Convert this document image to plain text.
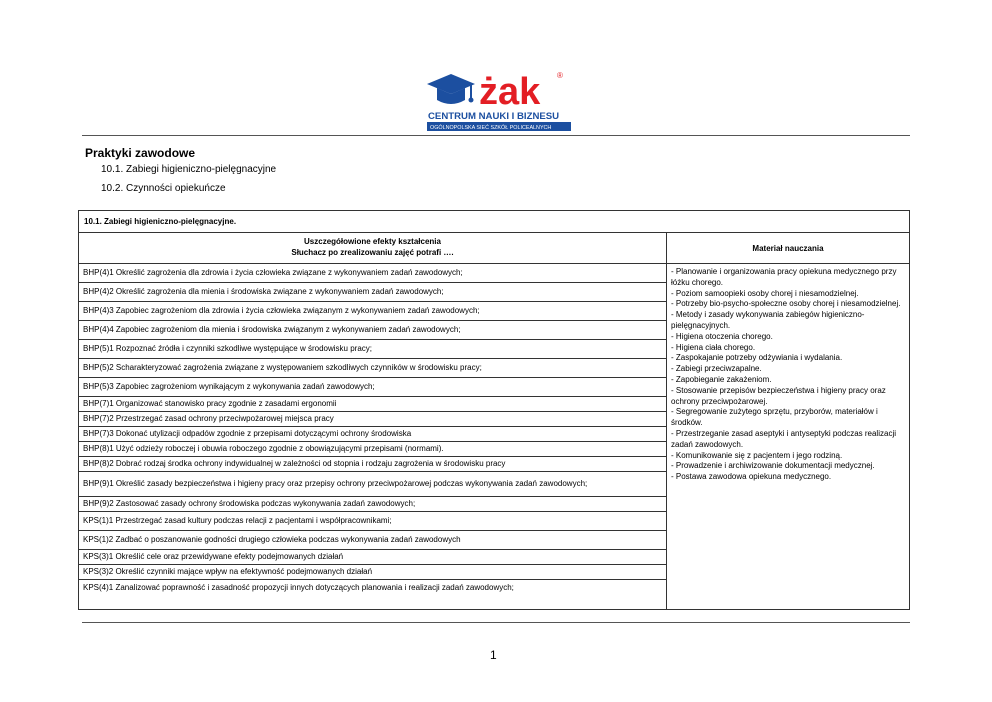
żak ®
CENTRUM NAUKI I BIZNESU
OGÓLNOPOLSKA SIEĆ SZKÓŁ POLICEALNYCH
Praktyki zawodowe
10.1. Zabiegi higieniczno-pielęgnacyjne
10.2. Czynności opiekuńcze
10.1. Zabiegi higieniczno-pielęgnacyjne.
Uszczegółowione efekty kształcenia
Słuchacz po zrealizowaniu zajęć potrafi ….
BHP(4)1 Określić zagrożenia dla zdrowia i życia człowieka związane z wykonywaniem zadań zawodowych;
BHP(4)2 Określić zagrożenia dla mienia i środowiska związane z wykonywaniem zadań zawodowych;
BHP(4)3 Zapobiec zagrożeniom dla zdrowia i życia człowieka związanym z wykonywaniem zadań zawodowych;
BHP(4)4 Zapobiec zagrożeniom dla mienia i środowiska związanym z wykonywaniem zadań zawodowych;
BHP(5)1 Rozpoznać źródła i czynniki szkodliwe występujące w środowisku pracy;
BHP(5)2 Scharakteryzować zagrożenia związane z występowaniem szkodliwych czynników w środowisku pracy;
BHP(5)3 Zapobiec zagrożeniom wynikającym z wykonywania zadań zawodowych;
BHP(7)1 Organizować stanowisko pracy zgodnie z zasadami ergonomii
BHP(7)2 Przestrzegać zasad ochrony przeciwpożarowej miejsca pracy
BHP(7)3 Dokonać utylizacji odpadów zgodnie z przepisami dotyczącymi ochrony środowiska
BHP(8)1 Użyć odzieży roboczej i obuwia roboczego zgodnie z obowiązującymi przepisami (normami).
BHP(8)2 Dobrać rodzaj środka ochrony indywidualnej w zależności od stopnia i rodzaju zagrożenia w środowisku pracy
BHP(9)1 Określić zasady bezpieczeństwa i higieny pracy oraz przepisy ochrony przeciwpożarowej podczas wykonywania zadań zawodowych;
BHP(9)2 Zastosować zasady ochrony środowiska podczas wykonywania zadań zawodowych;
KPS(1)1 Przestrzegać zasad kultury podczas relacji z pacjentami i współpracownikami;
KPS(1)2 Zadbać o poszanowanie godności drugiego człowieka podczas wykonywania zadań zawodowych
KPS(3)1 Określić cele oraz przewidywane efekty podejmowanych działań
KPS(3)2 Określić czynniki mające wpływ na efektywność podejmowanych działań
KPS(4)1 Zanalizować poprawność i zasadność propozycji innych dotyczących planowania i realizacji zadań zawodowych;
Materiał nauczania
- Planowanie i organizowania pracy opiekuna medycznego przy łóżku chorego.
- Poziom samoopieki osoby chorej i niesamodzielnej.
- Potrzeby bio-psycho-społeczne osoby chorej i niesamodzielnej.
- Metody i zasady wykonywania zabiegów higieniczno-pielęgnacyjnych.
- Higiena otoczenia chorego.
- Higiena ciała chorego.
- Zaspokajanie potrzeby odżywiania i wydalania.
- Zabiegi przeciwzapalne.
- Zapobieganie zakażeniom.
- Stosowanie przepisów bezpieczeństwa i higieny pracy oraz ochrony przeciwpożarowej.
- Segregowanie zużytego sprzętu, przyborów, materiałów i środków.
- Przestrzeganie zasad aseptyki i antyseptyki podczas realizacji zadań zawodowych.
- Komunikowanie się z pacjentem i jego rodziną.
- Prowadzenie i archiwizowanie dokumentacji medycznej.
- Postawa zawodowa opiekuna medycznego.
1
